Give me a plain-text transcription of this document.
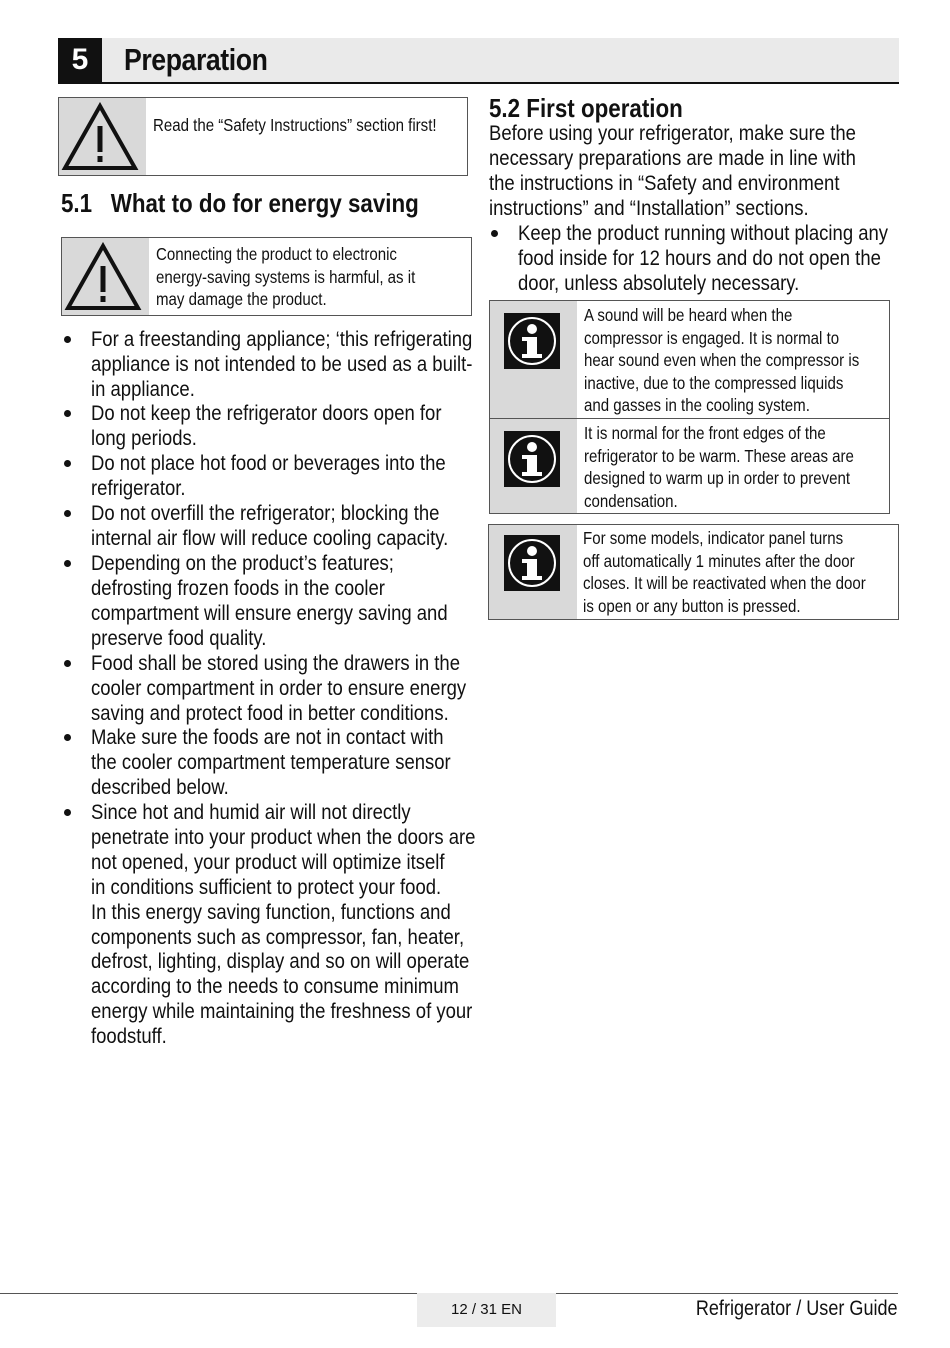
5	Preparation
Read the “Safety Instructions” section first!
5.1   What to do for energy saving
Connecting the product to electronic
energy-saving systems is harmful, as it
may damage the product.
For a freestanding appliance; ‘this refrigerating
appliance is not intended to be used as a built-
in appliance.
Do not keep the refrigerator doors open for
long periods.
Do not place hot food or beverages into the
refrigerator.
Do not overfill the refrigerator; blocking the
internal air flow will reduce cooling capacity.
Depending on the product’s features;
defrosting frozen foods in the cooler
compartment will ensure energy saving and
preserve food quality.
Food shall be stored using the drawers in the
cooler compartment in order to ensure energy
saving and protect food in better conditions.
Make sure the foods are not in contact with
the cooler compartment temperature sensor
described below.
Since hot and humid air will not directly
penetrate into your product when the doors are
not opened, your product will optimize itself
in conditions sufficient to protect your food.
In this energy saving function, functions and
components such as compressor, fan, heater,
defrost, lighting, display and so on will operate
according to the needs to consume minimum
energy while maintaining the freshness of your
foodstuff.
5.2 First operation
Before using your refrigerator, make sure the
necessary preparations are made in line with
the instructions in “Safety and environment
instructions” and “Installation” sections.
Keep the product running without placing any
food inside for 12 hours and do not open the
door, unless absolutely necessary.
A sound will be heard when the
compressor is engaged. It is normal to
hear sound even when the compressor is
inactive, due to the compressed liquids
and gasses in the cooling system.
It is normal for the front edges of the
refrigerator to be warm. These areas are
designed to warm up in order to prevent
condensation.
For some models, indicator panel turns
off automatically 1 minutes after the door
closes. It will be reactivated when the door
is open or any button is pressed.
12 / 31 EN	Refrigerator / User Guide
